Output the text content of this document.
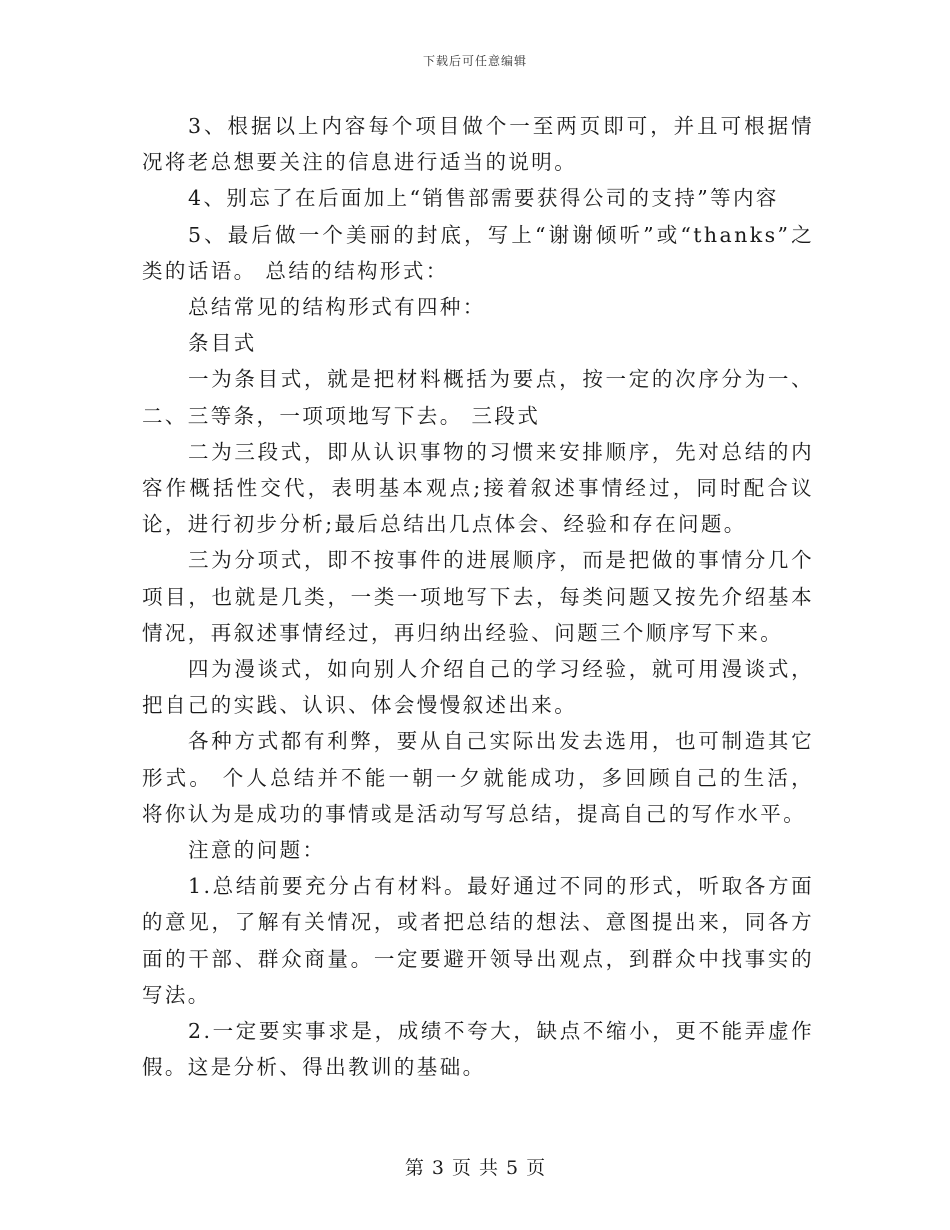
下载后可任意编辑

3、根据以上内容每个项目做个一至两页即可，并且可根据情况将老总想要关注的信息进行适当的说明。

4、别忘了在后面加上“销售部需要获得公司的支持”等内容

5、最后做一个美丽的封底，写上“谢谢倾听”或“thanks”之类的话语。 总结的结构形式：

总结常见的结构形式有四种：

条目式

一为条目式，就是把材料概括为要点，按一定的次序分为一、二、三等条，一项项地写下去。 三段式

二为三段式，即从认识事物的习惯来安排顺序，先对总结的内容作概括性交代，表明基本观点;接着叙述事情经过，同时配合议论，进行初步分析;最后总结出几点体会、经验和存在问题。

三为分项式，即不按事件的进展顺序，而是把做的事情分几个项目，也就是几类，一类一项地写下去，每类问题又按先介绍基本情况，再叙述事情经过，再归纳出经验、问题三个顺序写下来。

四为漫谈式，如向别人介绍自己的学习经验，就可用漫谈式，把自己的实践、认识、体会慢慢叙述出来。

各种方式都有利弊，要从自己实际出发去选用，也可制造其它形式。 个人总结并不能一朝一夕就能成功，多回顾自己的生活，将你认为是成功的事情或是活动写写总结，提高自己的写作水平。

注意的问题：

1.总结前要充分占有材料。最好通过不同的形式，听取各方面的意见，了解有关情况，或者把总结的想法、意图提出来，同各方面的干部、群众商量。一定要避开领导出观点，到群众中找事实的写法。

2.一定要实事求是，成绩不夸大，缺点不缩小，更不能弄虚作假。这是分析、得出教训的基础。

第 3 页 共 5 页
